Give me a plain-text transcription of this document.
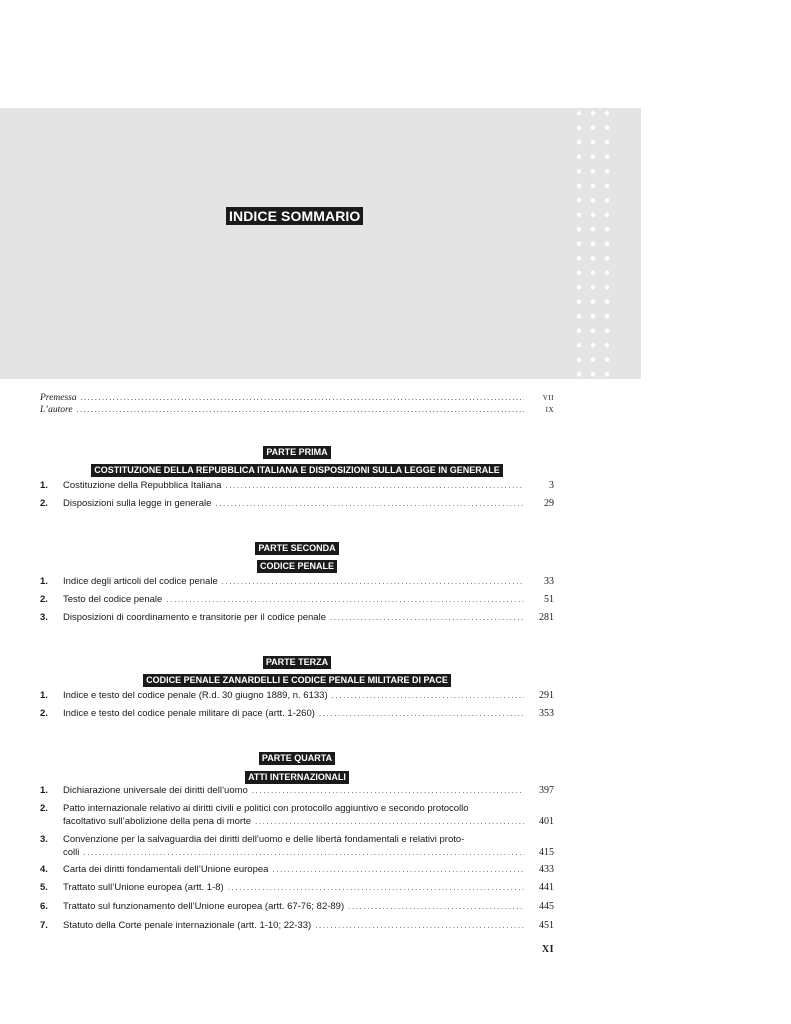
INDICE SOMMARIO
Premessa .....	VII
L’autore .....	IX
PARTE PRIMA
COSTITUZIONE DELLA REPUBBLICA ITALIANA E DISPOSIZIONI SULLA LEGGE IN GENERALE
1. Costituzione della Repubblica Italiana .....	3
2. Disposizioni sulla legge in generale .....	29
PARTE SECONDA
CODICE PENALE
1. Indice degli articoli del codice penale .....	33
2. Testo del codice penale .....	51
3. Disposizioni di coordinamento e transitorie per il codice penale .....	281
PARTE TERZA
CODICE PENALE ZANARDELLI E CODICE PENALE MILITARE DI PACE
1. Indice e testo del codice penale (R.d. 30 giugno 1889, n. 6133) .....	291
2. Indice e testo del codice penale militare di pace (artt. 1-260) .....	353
PARTE QUARTA
ATTI INTERNAZIONALI
1. Dichiarazione universale dei diritti dell’uomo .....	397
2. Patto internazionale relativo ai diritti civili e politici con protocollo aggiuntivo e secondo protocollo
facoltativo sull’abolizione della pena di morte .....	401
3. Convenzione per la salvaguardia dei diritti dell’uomo e delle libertà fondamentali e relativi proto-
colli .....	415
4. Carta dei diritti fondamentali dell’Unione europea .....	433
5. Trattato sull’Unione europea (artt. 1-8) .....	441
6. Trattato sul funzionamento dell’Unione europea (artt. 67-76; 82-89) .....	445
7. Statuto della Corte penale internazionale (artt. 1-10; 22-33) .....	451
XI
